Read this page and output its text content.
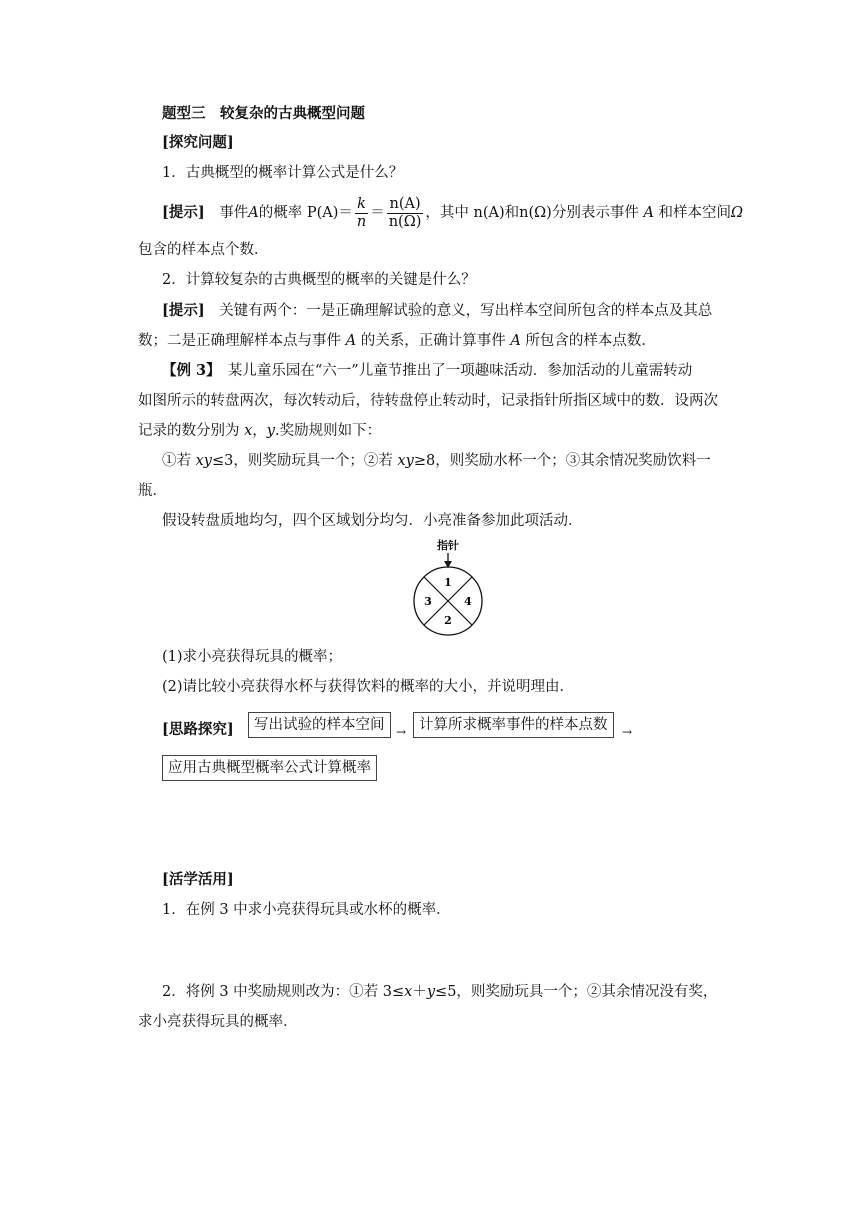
题型三　较复杂的古典概型问题
[探究问题]
1．古典概型的概率计算公式是什么？
[提示]　事件A的概率 $P(A)= \frac{k}{n} = \frac{n(A)}{n(\Omega)}$ ，其中 n(A)和n(Ω)分别表示事件 A 和样本空间Ω
包含的样本点个数．
2．计算较复杂的古典概型的概率的关键是什么？
[提示]　关键有两个：一是正确理解试验的意义，写出样本空间所包含的样本点及其总
数；二是正确理解样本点与事件 A 的关系，正确计算事件 A 所包含的样本点数．
【例 3】　某儿童乐园在“六一”儿童节推出了一项趣味活动．参加活动的儿童需转动
如图所示的转盘两次，每次转动后，待转盘停止转动时，记录指针所指区域中的数．设两次
记录的数分别为 x，y.奖励规则如下：
①若 xy≤3，则奖励玩具一个；②若 xy≥8，则奖励水杯一个；③其余情况奖励饮料一
瓶．
假设转盘质地均匀，四个区域划分均匀．小亮准备参加此项活动．
指针
1
4
2
3
(1)求小亮获得玩具的概率；
(2)请比较小亮获得水杯与获得饮料的概率的大小，并说明理由．
[思路探究]	写出试验的样本空间 → 计算所求概率事件的样本点数	→
应用古典概型概率公式计算概率
[活学活用]
1．在例 3 中求小亮获得玩具或水杯的概率．
2．将例 3 中奖励规则改为：①若 3≤x＋y≤5，则奖励玩具一个；②其余情况没有奖，
求小亮获得玩具的概率．
